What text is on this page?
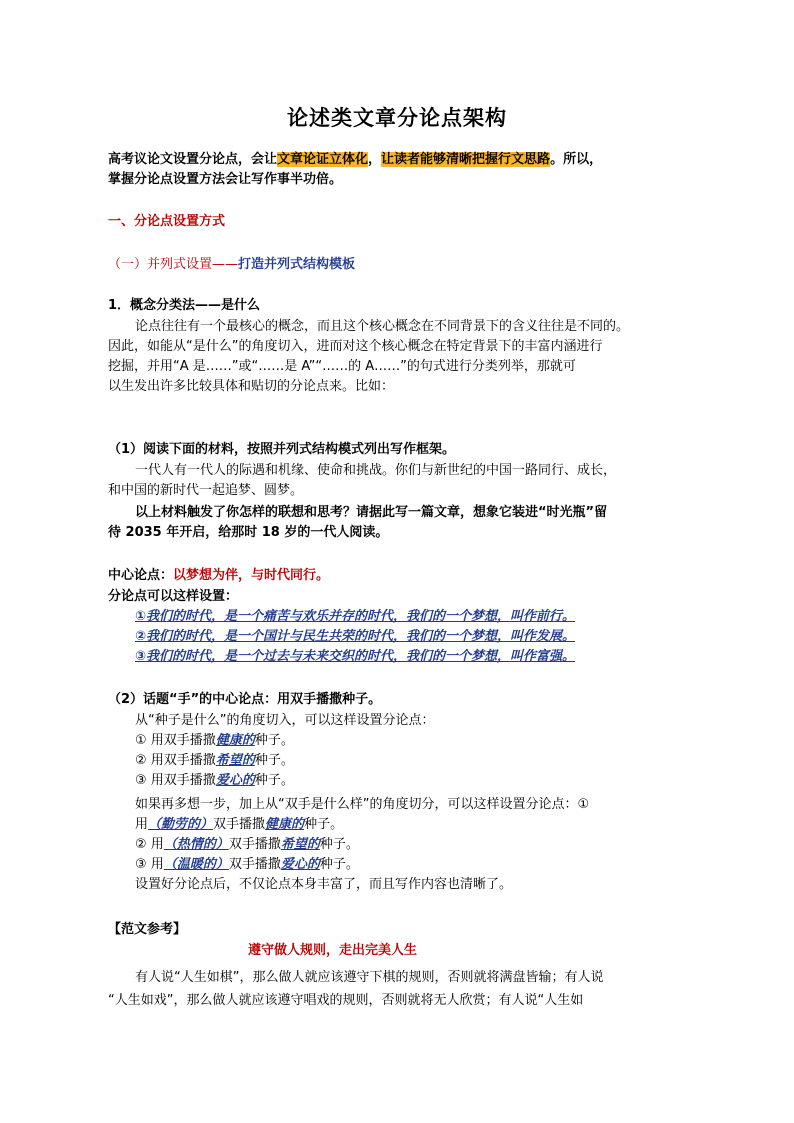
论述类文章分论点架构

高考议论文设置分论点，会让文章论证立体化，让读者能够清晰把握行文思路。所以，
掌握分论点设置方法会让写作事半功倍。

一、分论点设置方式

（一）并列式设置——打造并列式结构模板

1．概念分类法——是什么

论点往往有一个最核心的概念，而且这个核心概念在不同背景下的含义往往是不同的。
因此，如能从“是什么”的角度切入，进而对这个核心概念在特定背景下的丰富内涵进行
挖掘，并用“A 是……”或“……是 A”“……的 A……”的句式进行分类列举，那就可
以生发出许多比较具体和贴切的分论点来。比如：

（1）阅读下面的材料，按照并列式结构模式列出写作框架。

一代人有一代人的际遇和机缘、使命和挑战。你们与新世纪的中国一路同行、成长，
和中国的新时代一起追梦、圆梦。

以上材料触发了你怎样的联想和思考？请据此写一篇文章，想象它装进“时光瓶”留
待 2035 年开启，给那时 18 岁的一代人阅读。

中心论点：以梦想为伴，与时代同行。

分论点可以这样设置：

①我们的时代，是一个痛苦与欢乐并存的时代，我们的一个梦想，叫作前行。
②我们的时代，是一个国计与民生共荣的时代，我们的一个梦想，叫作发展。
③我们的时代，是一个过去与未来交织的时代，我们的一个梦想，叫作富强。

（2）话题“手”的中心论点：用双手播撒种子。

从“种子是什么”的角度切入，可以这样设置分论点：
① 用双手播撒健康的种子。
② 用双手播撒希望的种子。
③ 用双手播撒爱心的种子。

如果再多想一步，加上从“双手是什么样”的角度切分，可以这样设置分论点：①
用（勤劳的）双手播撒健康的种子。
② 用（热情的）双手播撒希望的种子。
③ 用（温暖的）双手播撒爱心的种子。
设置好分论点后，不仅论点本身丰富了，而且写作内容也清晰了。

【范文参考】

遵守做人规则，走出完美人生

有人说“人生如棋”，那么做人就应该遵守下棋的规则，否则就将满盘皆输；有人说
“人生如戏”，那么做人就应该遵守唱戏的规则，否则就将无人欣赏；有人说“人生如
